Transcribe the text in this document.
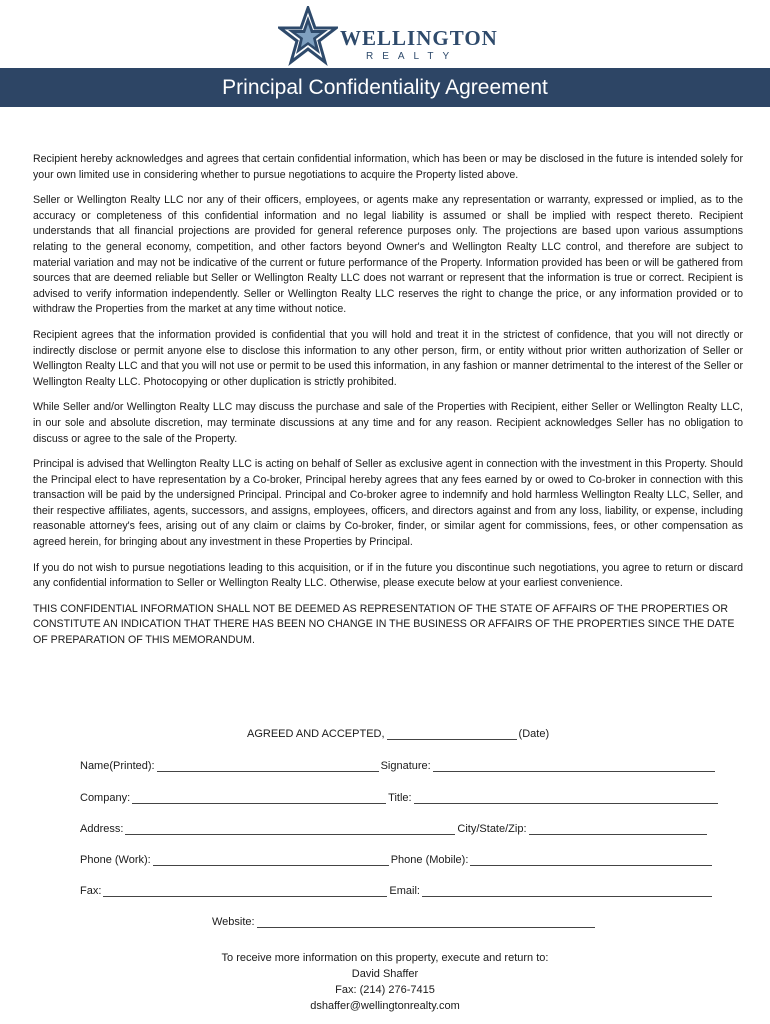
WELLINGTON
REALTY
Principal Confidentiality Agreement

Recipient hereby acknowledges and agrees that certain confidential information, which has been or may be disclosed in the future is intended solely for your own limited use in considering whether to pursue negotiations to acquire the Property listed above.

Seller or Wellington Realty LLC nor any of their officers, employees, or agents make any representation or warranty, expressed or implied, as to the accuracy or completeness of this confidential information and no legal liability is assumed or shall be implied with respect thereto. Recipient understands that all financial projections are provided for general reference purposes only. The projections are based upon various assumptions relating to the general economy, competition, and other factors beyond Owner's and Wellington Realty LLC control, and therefore are subject to material variation and may not be indicative of the current or future performance of the Property. Information provided has been or will be gathered from sources that are deemed reliable but Seller or Wellington Realty LLC does not warrant or represent that the information is true or correct. Recipient is advised to verify information independently. Seller or Wellington Realty LLC reserves the right to change the price, or any information provided or to withdraw the Properties from the market at any time without notice.

Recipient agrees that the information provided is confidential that you will hold and treat it in the strictest of confidence, that you will not directly or indirectly disclose or permit anyone else to disclose this information to any other person, firm, or entity without prior written authorization of Seller or Wellington Realty LLC and that you will not use or permit to be used this information, in any fashion or manner detrimental to the interest of the Seller or Wellington Realty LLC. Photocopying or other duplication is strictly prohibited.

While Seller and/or Wellington Realty LLC may discuss the purchase and sale of the Properties with Recipient, either Seller or Wellington Realty LLC, in our sole and absolute discretion, may terminate discussions at any time and for any reason. Recipient acknowledges Seller has no obligation to discuss or agree to the sale of the Property.

Principal is advised that Wellington Realty LLC is acting on behalf of Seller as exclusive agent in connection with the investment in this Property. Should the Principal elect to have representation by a Co-broker, Principal hereby agrees that any fees earned by or owed to Co-broker in connection with this transaction will be paid by the undersigned Principal. Principal and Co-broker agree to indemnify and hold harmless Wellington Realty LLC, Seller, and their respective affiliates, agents, successors, and assigns, employees, officers, and directors against and from any loss, liability, or expense, including reasonable attorney's fees, arising out of any claim or claims by Co-broker, finder, or similar agent for commissions, fees, or other compensation as agreed herein, for bringing about any investment in these Properties by Principal.

If you do not wish to pursue negotiations leading to this acquisition, or if in the future you discontinue such negotiations, you agree to return or discard any confidential information to Seller or Wellington Realty LLC. Otherwise, please execute below at your earliest convenience.

THIS CONFIDENTIAL INFORMATION SHALL NOT BE DEEMED AS REPRESENTATION OF THE STATE OF AFFAIRS OF THE PROPERTIES OR CONSTITUTE AN INDICATION THAT THERE HAS BEEN NO CHANGE IN THE BUSINESS OR AFFAIRS OF THE PROPERTIES SINCE THE DATE OF PREPARATION OF THIS MEMORANDUM.

AGREED AND ACCEPTED,	(Date)
Name(Printed):	Signature:
Company:	Title:
Address:	City/State/Zip:
Phone (Work):	Phone (Mobile):
Fax:	Email:
Website:
To receive more information on this property, execute and return to:
David Shaffer
Fax: (214) 276-7415
dshaffer@wellingtonrealty.com
